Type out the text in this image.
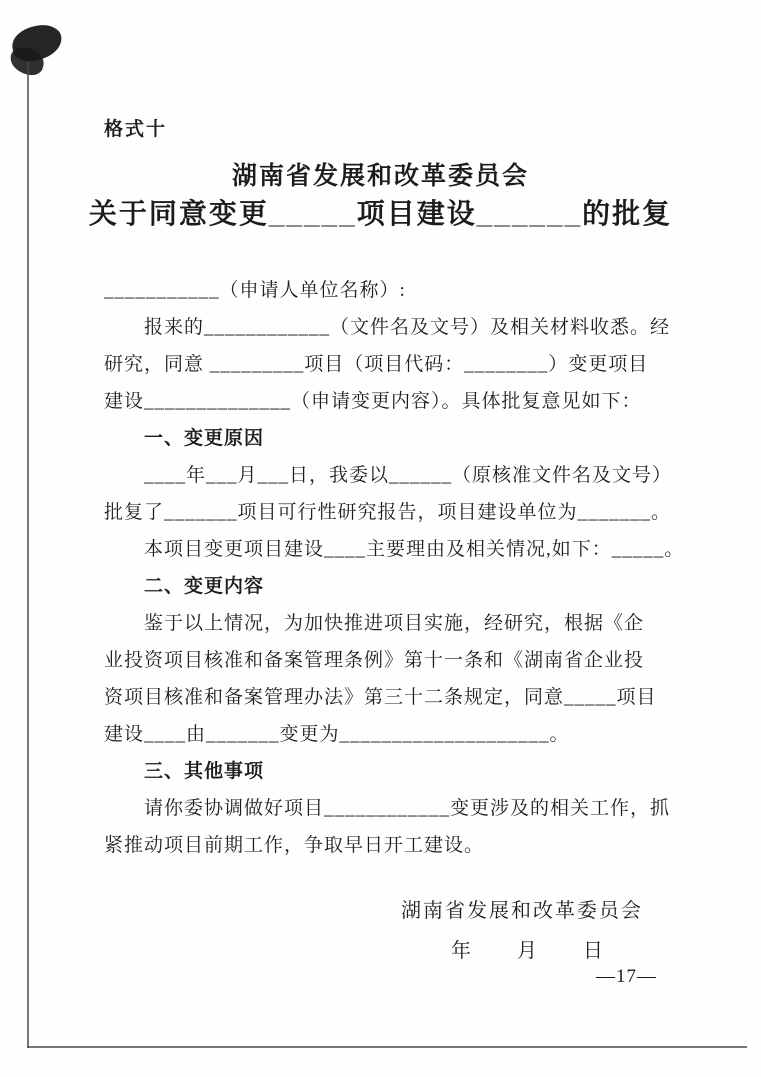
格式十
湖南省发展和改革委员会
关于同意变更_____项目建设______的批复
___________（申请人单位名称）:
报来的____________（文件名及文号）及相关材料收悉。经
研究，同意 _________项目（项目代码：________）变更项目
建设______________（申请变更内容）。具体批复意见如下：
一、变更原因
____年___月___日，我委以______（原核准文件名及文号）
批复了_______项目可行性研究报告，项目建设单位为_______。
本项目变更项目建设____主要理由及相关情况,如下：_____。
二、变更内容
鉴于以上情况，为加快推进项目实施，经研究，根据《企
业投资项目核准和备案管理条例》第十一条和《湖南省企业投
资项目核准和备案管理办法》第三十二条规定，同意_____项目
建设____由_______变更为____________________。
三、其他事项
请你委协调做好项目____________变更涉及的相关工作，抓
紧推动项目前期工作，争取早日开工建设。
湖南省发展和改革委员会
年　　月　　日
—17—
